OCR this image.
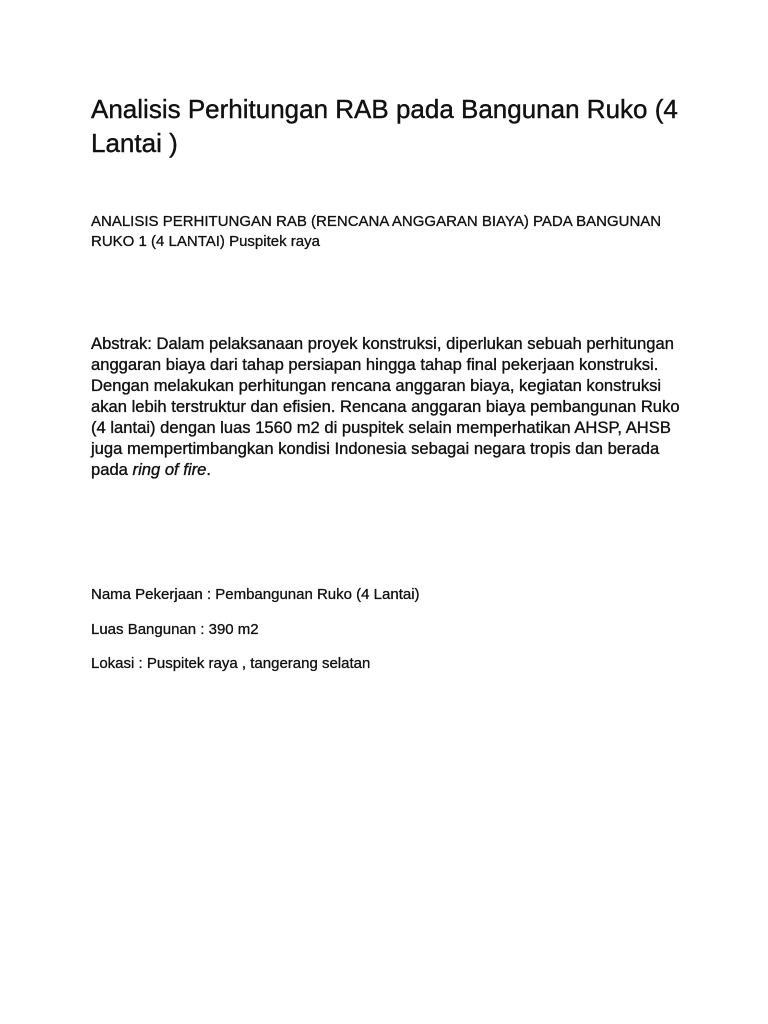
Analisis Perhitungan RAB pada Bangunan Ruko (4 Lantai )

ANALISIS PERHITUNGAN RAB (RENCANA ANGGARAN BIAYA) PADA BANGUNAN RUKO 1 (4 LANTAI) Puspitek raya

Abstrak: Dalam pelaksanaan proyek konstruksi, diperlukan sebuah perhitungan anggaran biaya dari tahap persiapan hingga tahap final pekerjaan konstruksi. Dengan melakukan perhitungan rencana anggaran biaya, kegiatan konstruksi akan lebih terstruktur dan efisien. Rencana anggaran biaya pembangunan Ruko (4 lantai) dengan luas 1560 m2 di puspitek selain memperhatikan AHSP, AHSB juga mempertimbangkan kondisi Indonesia sebagai negara tropis dan berada pada ring of fire.

Nama Pekerjaan : Pembangunan Ruko (4 Lantai)

Luas Bangunan : 390 m2

Lokasi : Puspitek raya , tangerang selatan
